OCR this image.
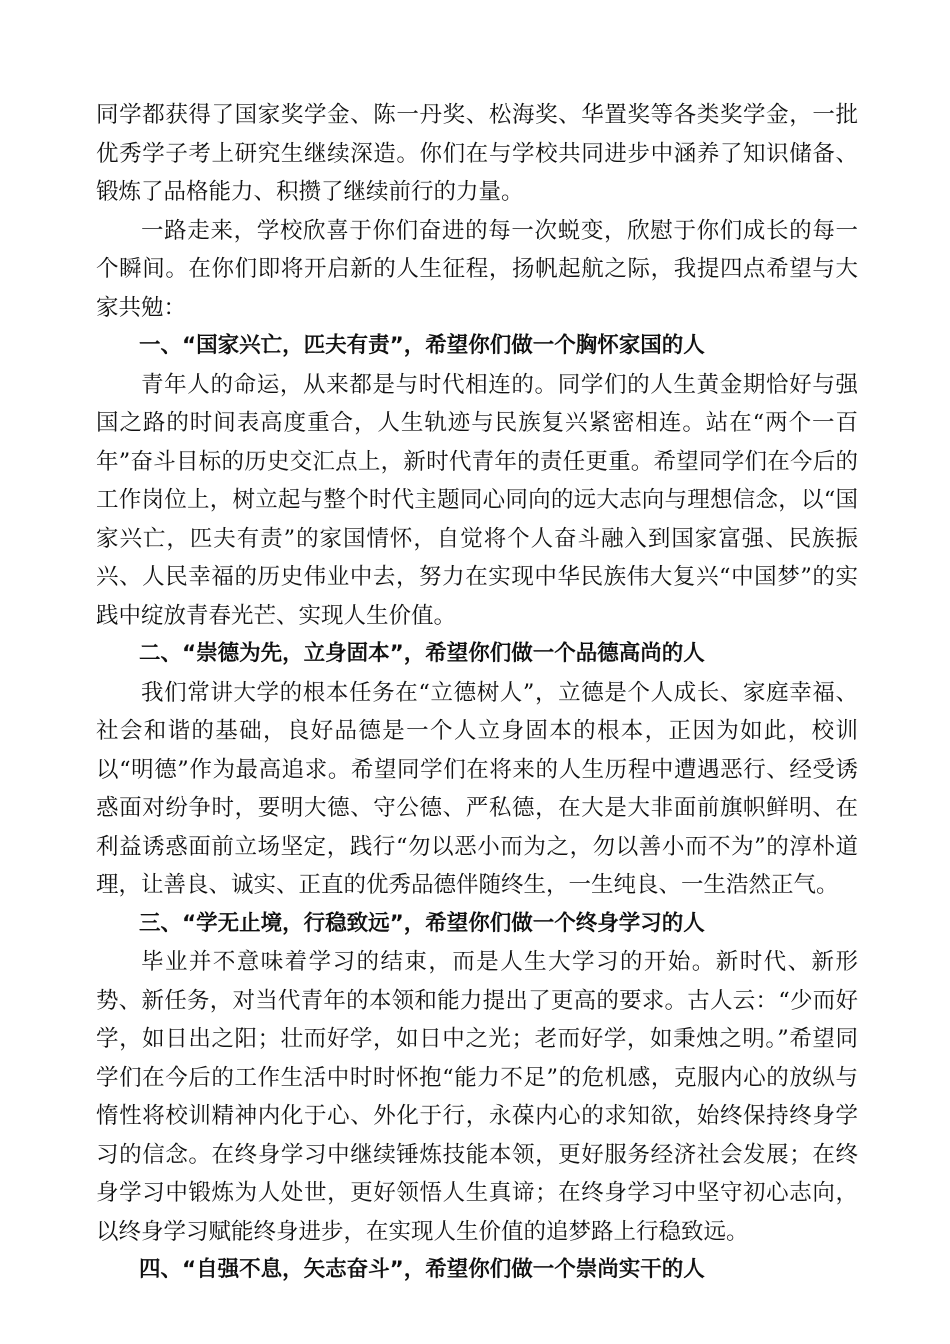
同学都获得了国家奖学金、陈一丹奖、松海奖、华置奖等各类奖学金，一批优秀学子考上研究生继续深造。你们在与学校共同进步中涵养了知识储备、锻炼了品格能力、积攒了继续前行的力量。

一路走来，学校欣喜于你们奋进的每一次蜕变，欣慰于你们成长的每一个瞬间。在你们即将开启新的人生征程，扬帆起航之际，我提四点希望与大家共勉：

一、“国家兴亡，匹夫有责”，希望你们做一个胸怀家国的人

青年人的命运，从来都是与时代相连的。同学们的人生黄金期恰好与强国之路的时间表高度重合，人生轨迹与民族复兴紧密相连。站在“两个一百年”奋斗目标的历史交汇点上，新时代青年的责任更重。希望同学们在今后的工作岗位上，树立起与整个时代主题同心同向的远大志向与理想信念，以“国家兴亡，匹夫有责”的家国情怀，自觉将个人奋斗融入到国家富强、民族振兴、人民幸福的历史伟业中去，努力在实现中华民族伟大复兴“中国梦”的实践中绽放青春光芒、实现人生价值。

二、“崇德为先，立身固本”，希望你们做一个品德高尚的人

我们常讲大学的根本任务在“立德树人”，立德是个人成长、家庭幸福、社会和谐的基础，良好品德是一个人立身固本的根本，正因为如此，校训以“明德”作为最高追求。希望同学们在将来的人生历程中遭遇恶行、经受诱惑面对纷争时，要明大德、守公德、严私德，在大是大非面前旗帜鲜明、在利益诱惑面前立场坚定，践行“勿以恶小而为之，勿以善小而不为”的淳朴道理，让善良、诚实、正直的优秀品德伴随终生，一生纯良、一生浩然正气。

三、“学无止境，行稳致远”，希望你们做一个终身学习的人

毕业并不意味着学习的结束，而是人生大学习的开始。新时代、新形势、新任务，对当代青年的本领和能力提出了更高的要求。古人云：“少而好学，如日出之阳；壮而好学，如日中之光；老而好学，如秉烛之明。”希望同学们在今后的工作生活中时时怀抱“能力不足”的危机感，克服内心的放纵与惰性将校训精神内化于心、外化于行，永葆内心的求知欲，始终保持终身学习的信念。在终身学习中继续锤炼技能本领，更好服务经济社会发展；在终身学习中锻炼为人处世，更好领悟人生真谛；在终身学习中坚守初心志向，以终身学习赋能终身进步，在实现人生价值的追梦路上行稳致远。

四、“自强不息，矢志奋斗”，希望你们做一个崇尚实干的人
